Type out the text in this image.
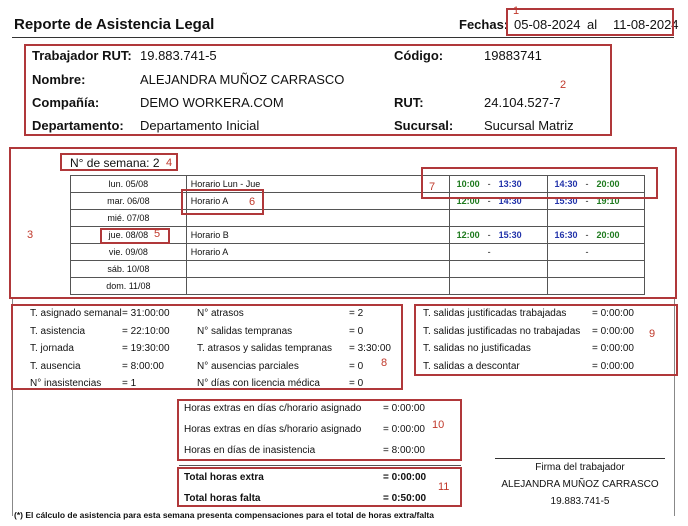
Reporte de Asistencia Legal	Fechas: 05-08-2024 al 11-08-2024
Trabajador RUT: 19.883.741-5	Código:	19883741
Nombre:	ALEJANDRA MUÑOZ CARRASCO
Compañía:	DEMO WORKERA.COM	RUT:	24.104.527-7
Departamento: Departamento Inicial	Sucursal: Sucursal Matriz
N° de semana: 2
lun. 05/08	Horario Lun - Jue	10:00 - 13:30	14:30 - 20:00
mar. 06/08	Horario A	12:00 - 14:30	15:30 - 19:10
mié. 07/08			
jue. 08/08	Horario B	12:00 - 15:30	16:30 - 20:00
vie. 09/08	Horario A	-	-
sáb. 10/08			
dom. 11/08			
T. asignado semanal = 31:00:00
T. asistencia	= 22:10:00
T. jornada	= 19:30:00
T. ausencia	= 8:00:00
N° inasistencias = 1
N° atrasos	= 2
N° salidas tempranas	= 0
T. atrasos y salidas tempranas = 3:30:00
N° ausencias parciales	= 0
N° días con licencia médica	= 0
T. salidas justificadas trabajadas	= 0:00:00
T. salidas justificadas no trabajadas = 0:00:00
T. salidas no justificadas	= 0:00:00
T. salidas a descontar	= 0:00:00
Horas extras en días c/horario asignado = 0:00:00
Horas extras en días s/horario asignado = 0:00:00
Horas en días de inasistencia	= 8:00:00
Total horas extra	= 0:00:00
Total horas falta	= 0:50:00
Firma del trabajador
ALEJANDRA MUÑOZ CARRASCO
19.883.741-5
(*) El cálculo de asistencia para esta semana presenta compensaciones para el total de horas extra/falta
1
2
3
4
5
6
7
8
9
10
11
